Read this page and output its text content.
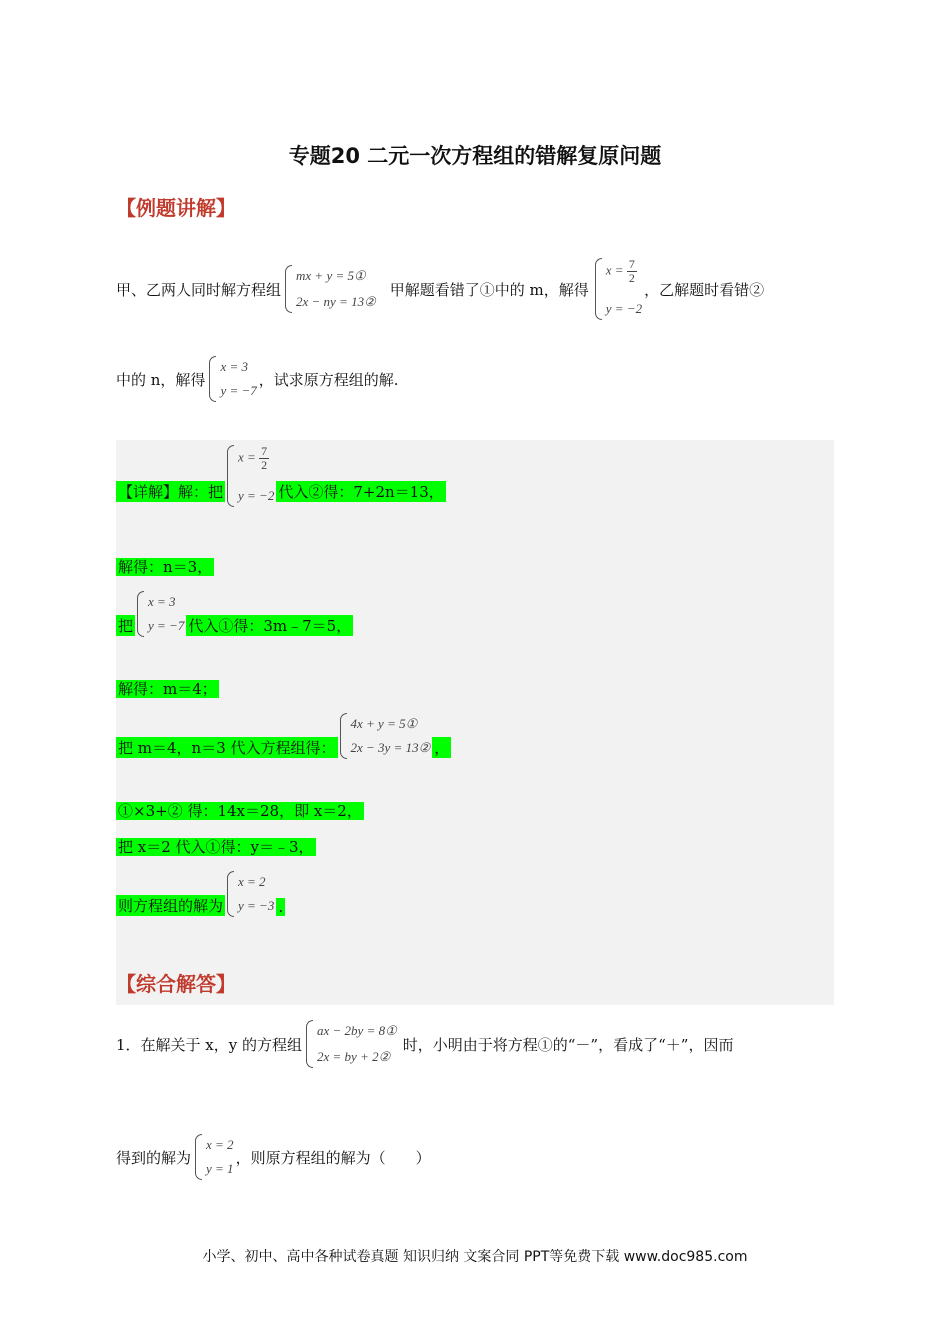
专题20 二元一次方程组的错解复原问题
【例题讲解】
甲、乙两人同时解方程组
mx + y = 5①
2x − ny = 13②
甲解题看错了①中的 m，解得
$x = \frac{7}{2}$
y = −2
，乙解题时看错②
中的 n，解得
x = 3
y = −7
，试求原方程组的解.
【详解】解：把
$x = \frac{7}{2}$
y = −2 代入②得：7+2n＝13，
解得：n＝3，
把
x = 3
y = −7 代入①得：3m﹣7＝5，
解得：m＝4；
把 m＝4，n＝3 代入方程组得：
4x + y = 5①
2x − 3y = 13② ，
①×3+② 得：14x＝28，即 x＝2，
把 x＝2 代入①得：y＝﹣3，
则方程组的解为
x = 2
y = −3 .
【综合解答】
1．在解关于 x，y 的方程组
ax − 2by = 8①
2x = by + 2②
时，小明由于将方程①的“－”，看成了“＋”，因而
得到的解为
x = 2
y = 1
，则原方程组的解为（　　）
小学、初中、高中各种试卷真题 知识归纳 文案合同 PPT等免费下载 www.doc985.com
